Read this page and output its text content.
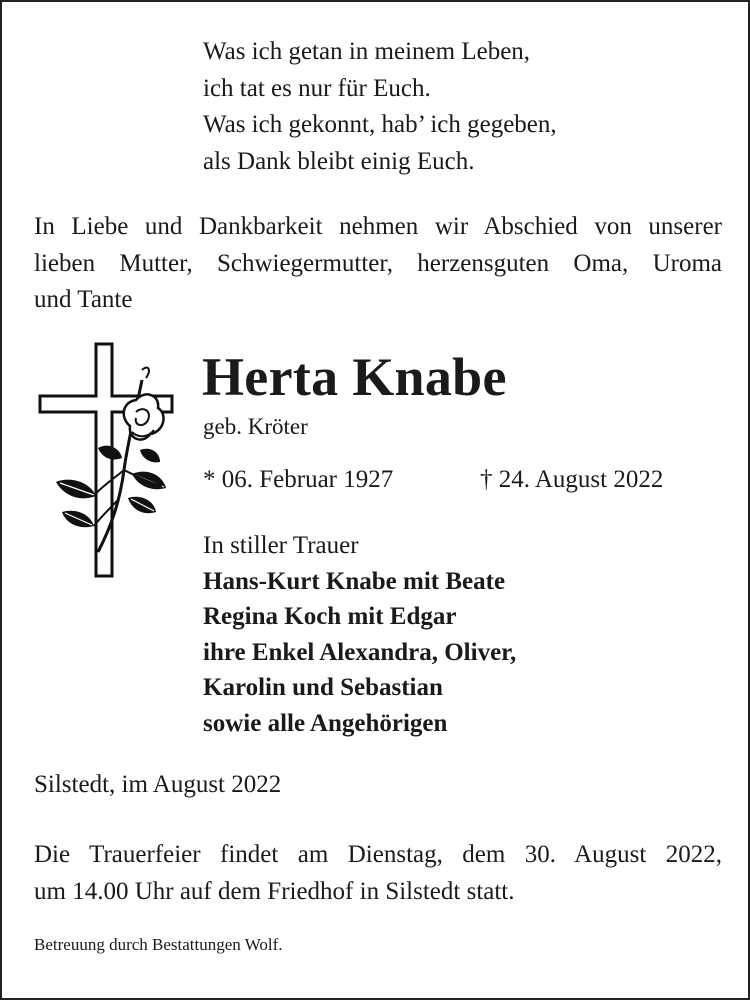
Was ich getan in meinem Leben,
ich tat es nur für Euch.
Was ich gekonnt, hab’ ich gegeben,
als Dank bleibt einig Euch.
In Liebe und Dankbarkeit nehmen wir Abschied von unserer
lieben Mutter, Schwiegermutter, herzensguten Oma, Uroma
und Tante
Herta Knabe
geb. Kröter
* 06. Februar 1927	† 24. August 2022
In stiller Trauer
Hans-Kurt Knabe mit Beate
Regina Koch mit Edgar
ihre Enkel Alexandra, Oliver,
Karolin und Sebastian
sowie alle Angehörigen
Silstedt, im August 2022
Die Trauerfeier findet am Dienstag, dem 30. August 2022,
um 14.00 Uhr auf dem Friedhof in Silstedt statt.
Betreuung durch Bestattungen Wolf.
